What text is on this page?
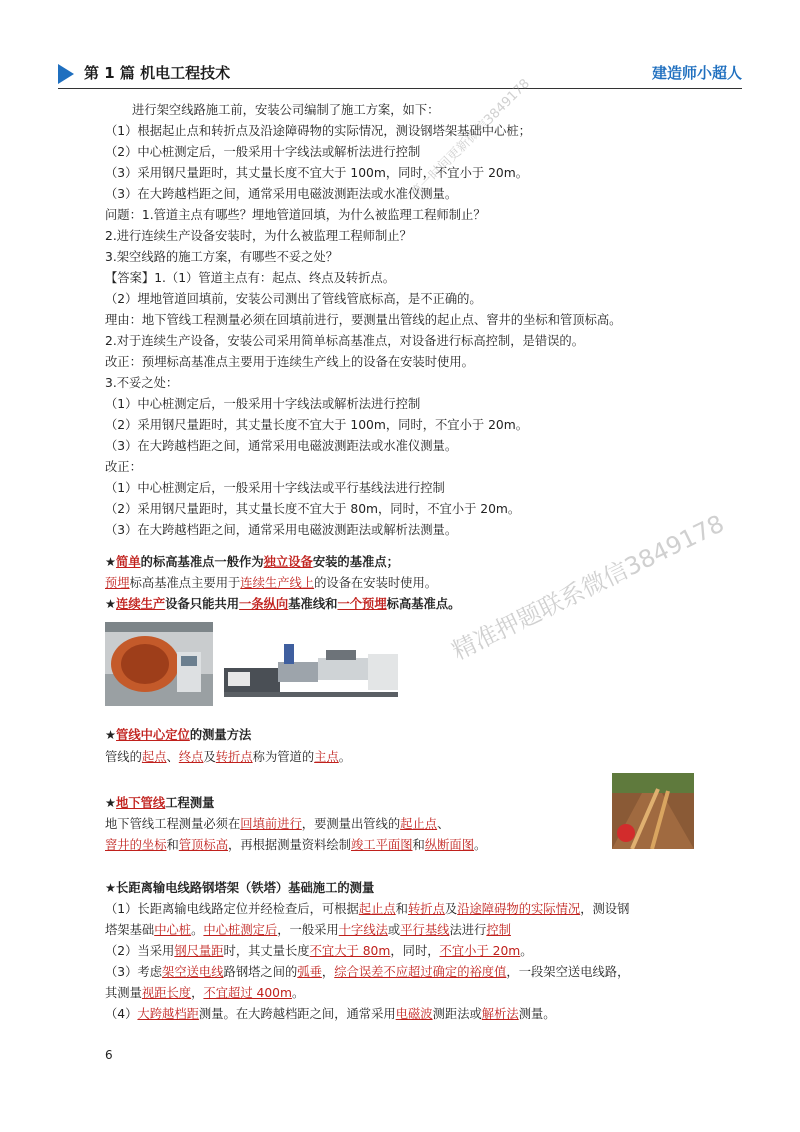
第 1 篇 机电工程技术	建造师小超人
进行架空线路施工前，安装公司编制了施工方案，如下：
（1）根据起止点和转折点及沿途障碍物的实际情况，测设钢塔架基础中心桩；
（2）中心桩测定后，一般采用十字线法或解析法进行控制
（3）采用钢尺量距时，其丈量长度不宜大于 100m，同时，不宜小于 20m。
（3）在大跨越档距之间，通常采用电磁波测距法或水准仪测量。
问题：1.管道主点有哪些？埋地管道回填，为什么被监理工程师制止？
2.进行连续生产设备安装时，为什么被监理工程师制止？
3.架空线路的施工方案，有哪些不妥之处？
【答案】1.（1）管道主点有：起点、终点及转折点。
（2）埋地管道回填前，安装公司测出了管线管底标高，是不正确的。
理由：地下管线工程测量必须在回填前进行，要测量出管线的起止点、窨井的坐标和管顶标高。
2.对于连续生产设备，安装公司采用简单标高基准点，对设备进行标高控制，是错误的。
改正：预埋标高基准点主要用于连续生产线上的设备在安装时使用。
3.不妥之处：
（1）中心桩测定后，一般采用十字线法或解析法进行控制
（2）采用钢尺量距时，其丈量长度不宜大于 100m，同时，不宜小于 20m。
（3）在大跨越档距之间，通常采用电磁波测距法或水准仪测量。
改正：
（1）中心桩测定后，一般采用十字线法或平行基线法进行控制
（2）采用钢尺量距时，其丈量长度不宜大于 80m，同时，不宜小于 20m。
（3）在大跨越档距之间，通常采用电磁波测距法或解析法测量。
★简单的标高基准点一般作为独立设备安装的基准点；
预埋标高基准点主要用于连续生产线上的设备在安装时使用。
★连续生产设备只能共用一条纵向基准线和一个预埋标高基准点。
★管线中心定位的测量方法
管线的起点、终点及转折点称为管道的主点。
★地下管线工程测量
地下管线工程测量必须在回填前进行，要测量出管线的起止点、
窨井的坐标和管顶标高，再根据测量资料绘制竣工平面图和纵断面图。
★长距离输电线路钢塔架（铁塔）基础施工的测量
（1）长距离输电线路定位并经检查后，可根据起止点和转折点及沿途障碍物的实际情况，测设钢
塔架基础中心桩。中心桩测定后，一般采用十字线法或平行基线法进行控制
（2）当采用钢尺量距时，其丈量长度不宜大于 80m，同时，不宜小于 20m。
（3）考虑架空送电线路钢塔之间的弧垂，综合误差不应超过确定的裕度值，一段架空送电线路，
其测量视距长度，不宜超过 400m。
（4）大跨越档距测量。在大跨越档距之间，通常采用电磁波测距法或解析法测量。
第一时间更新微信3849178
精准押题联系微信3849178
6
